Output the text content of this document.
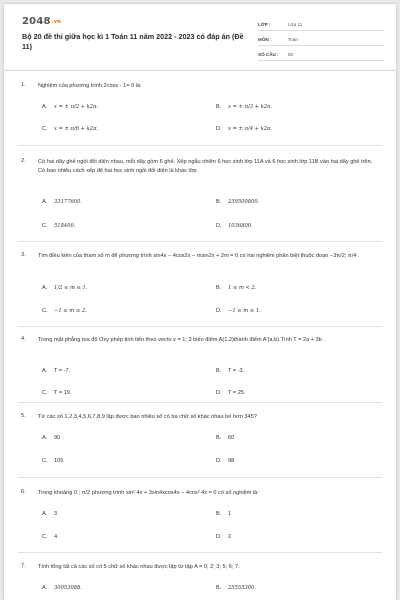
2048.vn
Bộ 20 đề thi giữa học kì 1 Toán 11 năm 2022 - 2023 có đáp án (Đề 11)
LỚP :	Lớp 11
MÔN :	Toán
SỐ CÂU :	50
1. Nghiệm của phương trình 2cosx - 1= 0 là:
A. x = ± π/2 + k2π.	B. x = ± π/3 + k2π.
C. x = ± π/6 + k2π.	D. x = ± π/4 + k2π.
2. Có hai dãy ghế ngồi đối diện nhau, mỗi dãy gồm 6 ghế. Xếp ngẫu nhiên 6 học sinh lớp 11A và 6 học sinh lớp 11B vào hai dãy ghế trên. Có bao nhiêu cách xếp để hai học sinh ngồi đối diện là khác lớp.
A. 33177600.	B. 239500800.
C. 518400.	D. 1036800.
3. Tìm điều kiện của tham số m để phương trình sin4x − 4cos2x − msin2x + 2m = 0 có hai nghiệm phân biệt thuộc đoạn −3π/2; π/4 .
A. 1/2 ≤ m ≤ 1.	B. 1 ≤ m < 2.
C. −1 ≤ m ≤ 2.	D. −1 ≤ m ≤ 1.
4. Trong mặt phẳng tọa độ Oxy phép tịnh tiến theo vecto v = 1; 3 biến điểm A(1,2)thành điểm A'(a,b).Tính T = 2a + 3b .
A. T = -7.	B. T = -3.
C. T = 19.	D. T = 25.
5. Từ các số 1,2,3,4,5,6,7,8,9 lập được bao nhiêu số có ba chữ số khác nhau bé hơn 345?
A. 90	B. 60
C. 105	D. 98
6. Trong khoảng 0 ; π/2 phương trình sin² 4x + 3sin4xcos4x − 4cos² 4x = 0 có số nghiệm là:
A. 3	B. 1
C. 4	D. 2
7. Tính tổng tất cả các số có 5 chữ số khác nhau được lập từ tập A = 0; 2; 3; 5; 6; 7.
A. 30053088.	B. 25555300.
